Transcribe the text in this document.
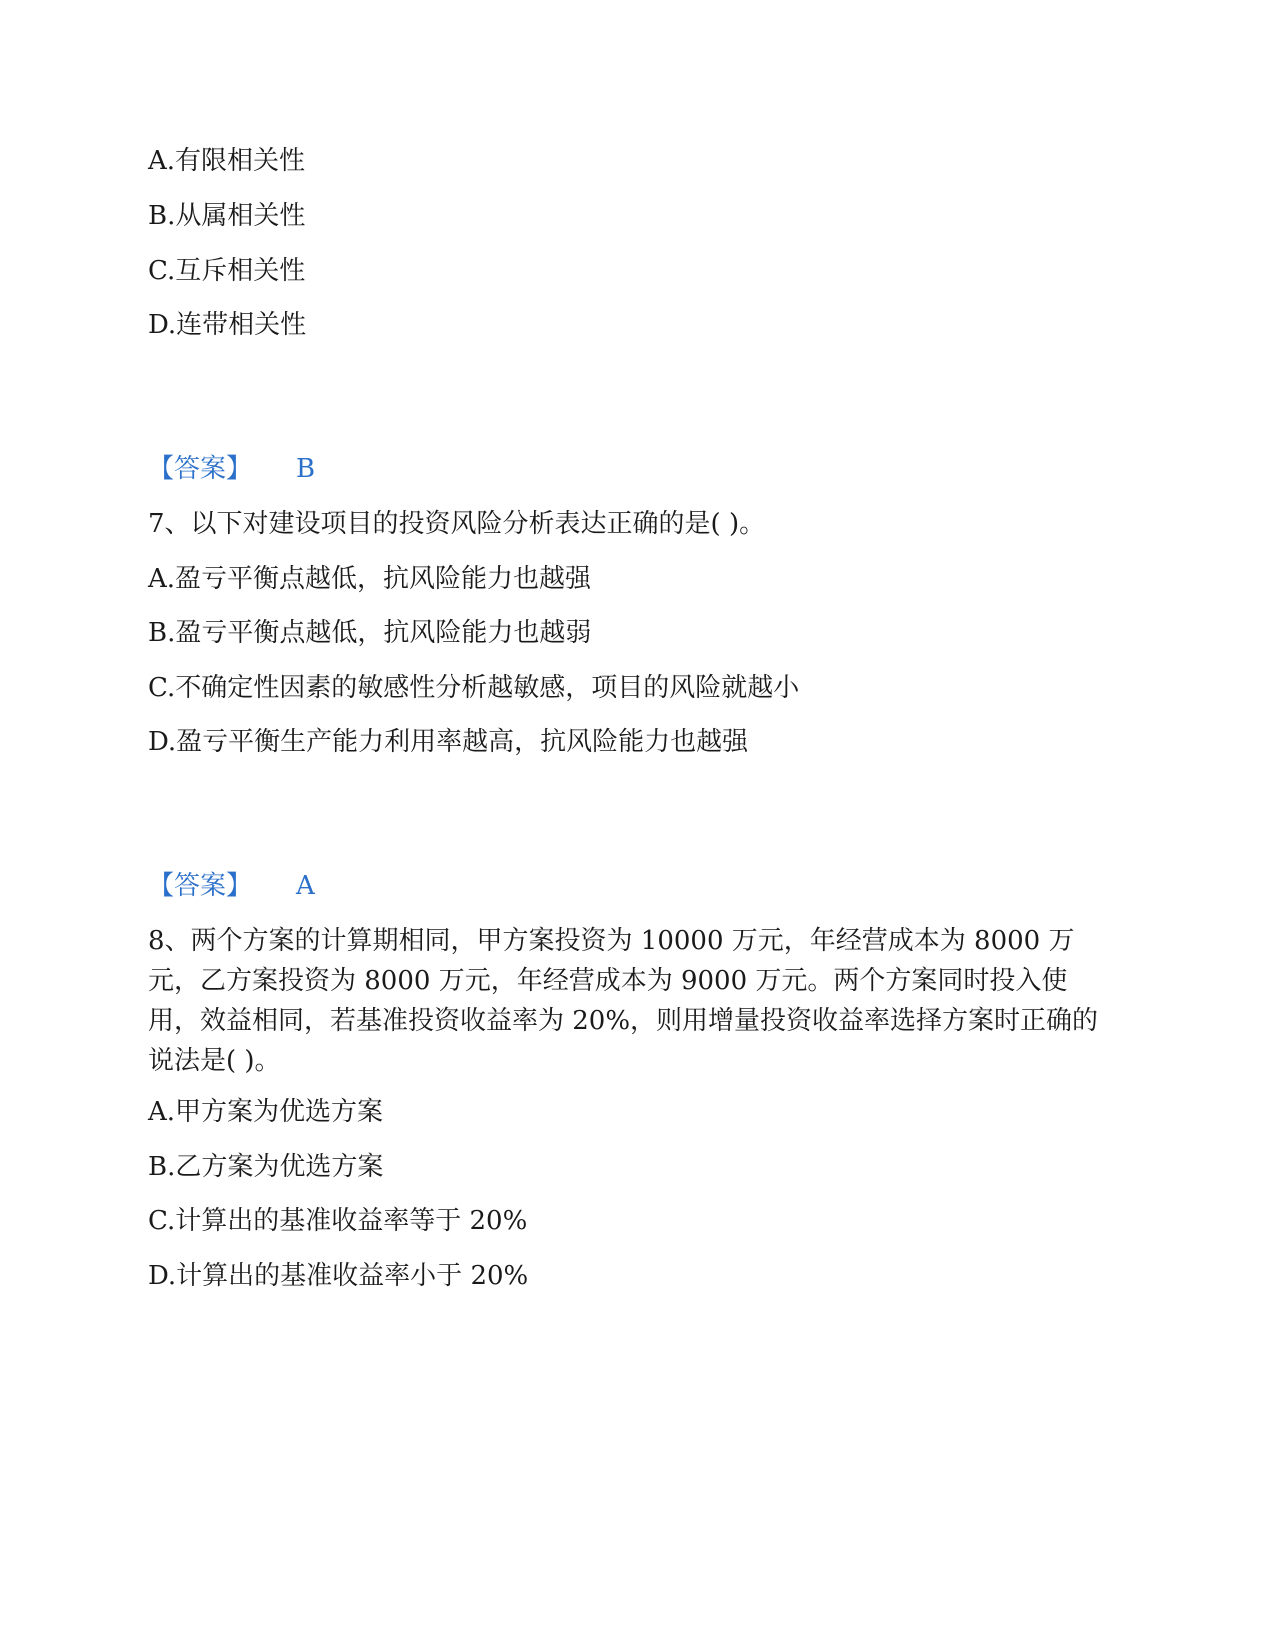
A.有限相关性
B.从属相关性
C.互斥相关性
D.连带相关性
【答案】 B
7、以下对建设项目的投资风险分析表达正确的是( )。
A.盈亏平衡点越低，抗风险能力也越强
B.盈亏平衡点越低，抗风险能力也越弱
C.不确定性因素的敏感性分析越敏感，项目的风险就越小
D.盈亏平衡生产能力利用率越高，抗风险能力也越强
【答案】 A

8、两个方案的计算期相同，甲方案投资为 10000 万元，年经营成本为 8000 万元，乙方案投资为 8000 万元，年经营成本为 9000 万元。两个方案同时投入使用，效益相同，若基准投资收益率为 20%，则用增量投资收益率选择方案时正确的说法是( )。

A.甲方案为优选方案
B.乙方案为优选方案
C.计算出的基准收益率等于 20%
D.计算出的基准收益率小于 20%
